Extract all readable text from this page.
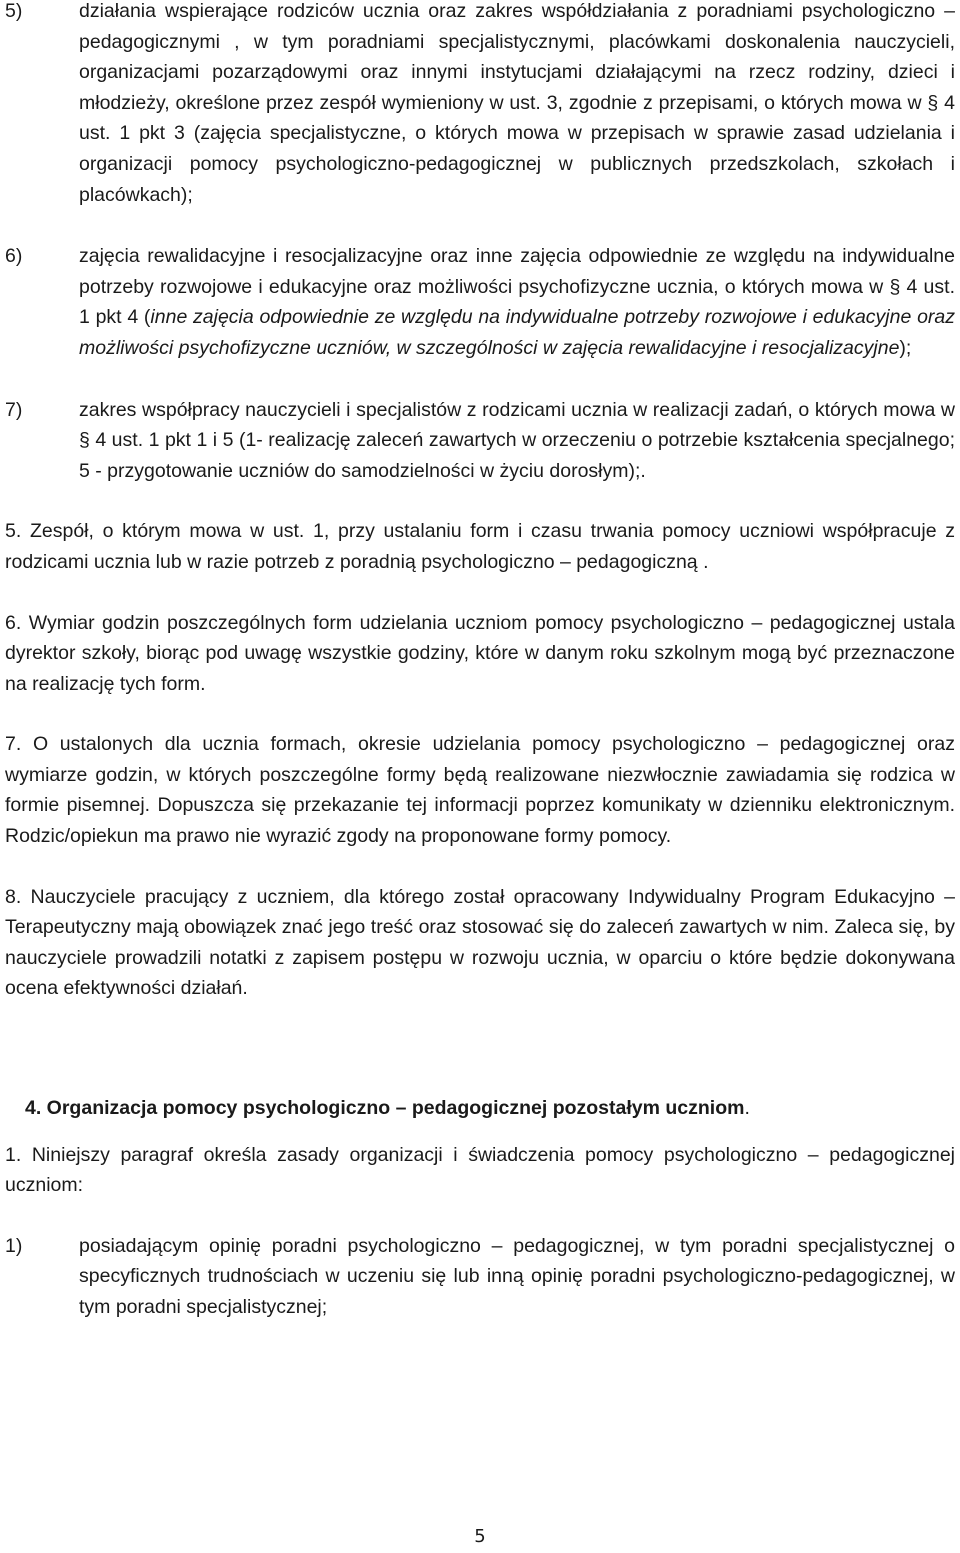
5)	działania wspierające rodziców ucznia oraz zakres współdziałania z poradniami psychologiczno – pedagogicznymi , w tym poradniami specjalistycznymi, placówkami doskonalenia nauczycieli, organizacjami pozarządowymi oraz innymi instytucjami działającymi na rzecz rodziny, dzieci i młodzieży, określone przez zespół wymieniony w ust. 3, zgodnie z przepisami, o których mowa w § 4 ust. 1 pkt 3 (zajęcia specjalistyczne, o których mowa w przepisach w sprawie zasad udzielania i organizacji pomocy psychologiczno-pedagogicznej w publicznych przedszkolach, szkołach i placówkach);
6)	zajęcia rewalidacyjne i resocjalizacyjne oraz inne zajęcia odpowiednie ze względu na indywidualne potrzeby rozwojowe i edukacyjne oraz możliwości psychofizyczne ucznia, o których mowa w § 4 ust. 1 pkt 4 (inne zajęcia odpowiednie ze względu na indywidualne potrzeby rozwojowe i edukacyjne oraz możliwości psychofizyczne uczniów, w szczególności w zajęcia rewalidacyjne i resocjalizacyjne);
7)	zakres współpracy nauczycieli i specjalistów z rodzicami ucznia w realizacji zadań, o których mowa w § 4 ust. 1 pkt 1 i 5 (1- realizację zaleceń zawartych w orzeczeniu o potrzebie kształcenia specjalnego; 5 - przygotowanie uczniów do samodzielności w życiu dorosłym);.

5. Zespół, o którym mowa w ust. 1, przy ustalaniu form i czasu trwania pomocy uczniowi współpracuje z rodzicami ucznia lub w razie potrzeb z poradnią psychologiczno – pedagogiczną .

6. Wymiar godzin poszczególnych form udzielania uczniom pomocy psychologiczno – pedagogicznej ustala dyrektor szkoły, biorąc pod uwagę wszystkie godziny, które w danym roku szkolnym mogą być przeznaczone na realizację tych form.

7. O ustalonych dla ucznia formach, okresie udzielania pomocy psychologiczno – pedagogicznej oraz wymiarze godzin, w których poszczególne formy będą realizowane niezwłocznie zawiadamia się rodzica w formie pisemnej. Dopuszcza się przekazanie tej informacji poprzez komunikaty w dzienniku elektronicznym. Rodzic/opiekun ma prawo nie wyrazić zgody na proponowane formy pomocy.

8. Nauczyciele pracujący z uczniem, dla którego został opracowany Indywidualny Program Edukacyjno – Terapeutyczny mają obowiązek znać jego treść oraz stosować się do zaleceń zawartych w nim. Zaleca się, by nauczyciele prowadzili notatki z zapisem postępu w rozwoju ucznia, w oparciu o które będzie dokonywana ocena efektywności działań.

4. Organizacja pomocy psychologiczno – pedagogicznej pozostałym uczniom.

1. Niniejszy paragraf określa zasady organizacji i świadczenia pomocy psychologiczno – pedagogicznej uczniom:

1)	posiadającym opinię poradni psychologiczno – pedagogicznej, w tym poradni specjalistycznej o specyficznych trudnościach w uczeniu się lub inną opinię poradni psychologiczno-pedagogicznej, w tym poradni specjalistycznej;
5
